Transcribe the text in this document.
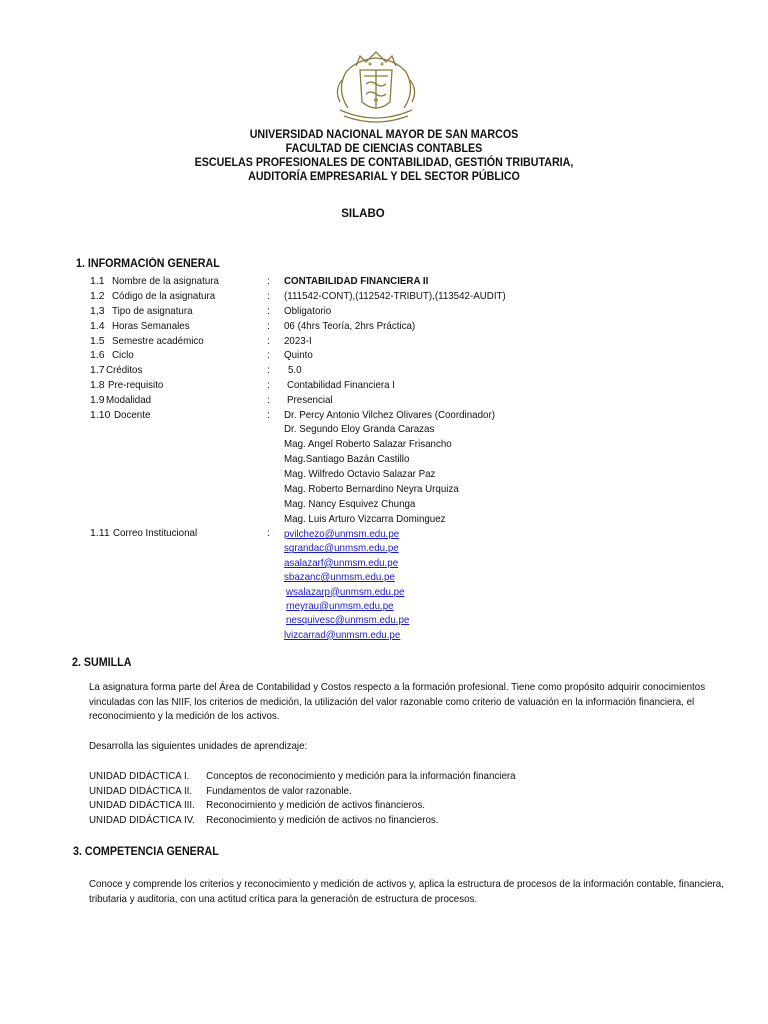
UNIVERSIDAD NACIONAL MAYOR DE SAN MARCOS
FACULTAD DE CIENCIAS CONTABLES
ESCUELAS PROFESIONALES DE CONTABILIDAD, GESTIÓN TRIBUTARIA,
AUDITORÍA EMPRESARIAL Y DEL SECTOR PÚBLICO
SILABO
1. INFORMACIÓN GENERAL
1.1 Nombre de la asignatura	: CONTABILIDAD FINANCIERA II
1.2 Código de la asignatura	: (111542-CONT),(112542-TRIBUT),(113542-AUDIT)
1,3 Tipo de asignatura	: Obligatorio
1.4 Horas Semanales	: 06 (4hrs Teoría, 2hrs Práctica)
1.5 Semestre académico	: 2023-I
1.6 Ciclo	: Quinto
1.7 Créditos	: 5.0
1.8 Pre-requisito	: Contabilidad Financiera I
1.9 Modalidad	: Presencial
1.10 Docente	: Dr. Percy Antonio Vilchez Olivares (Coordinador)
Dr. Segundo Eloy Granda Carazas
Mag. Angel Roberto Salazar Frisancho
Mag.Santiago Bazán Castillo
Mag. Wilfredo Octavio Salazar Paz
Mag. Roberto Bernardino Neyra Urquiza
Mag. Nancy Esquivez Chunga
Mag. Luis Arturo Vizcarra Dominguez
1.11 Correo Institucional	: pvilchezo@unmsm.edu.pe
sgrandac@unmsm.edu.pe
asalazarf@unmsm.edu.pe
sbazanc@unmsm.edu.pe
wsalazarp@unmsm.edu.pe
rneyrau@unmsm.edu.pe
nesquivesc@unmsm.edu.pe
lvizcarrad@unmsm.edu.pe
2. SUMILLA

La asignatura forma parte del Área de Contabilidad y Costos respecto a la formación profesional. Tiene como propósito adquirir conocimientos vinculadas con las NIIF, los criterios de medición, la utilización del valor razonable como criterio de valuación en la información financiera, el reconocimiento y la medición de los activos.

Desarrolla las siguientes unidades de aprendizaje:

UNIDAD DIDÁCTICA I. Conceptos de reconocimiento y medición para la información financiera
UNIDAD DIDÁCTICA II. Fundamentos de valor razonable.
UNIDAD DIDÁCTICA III. Reconocimiento y medición de activos financieros.
UNIDAD DIDÁCTICA IV. Reconocimiento y medición de activos no financieros.
3. COMPETENCIA GENERAL

Conoce y comprende los criterios y reconocimiento y medición de activos y, aplica la estructura de procesos de la información contable, financiera, tributaria y auditoria, con una actitud crítica para la generación de estructura de procesos.
